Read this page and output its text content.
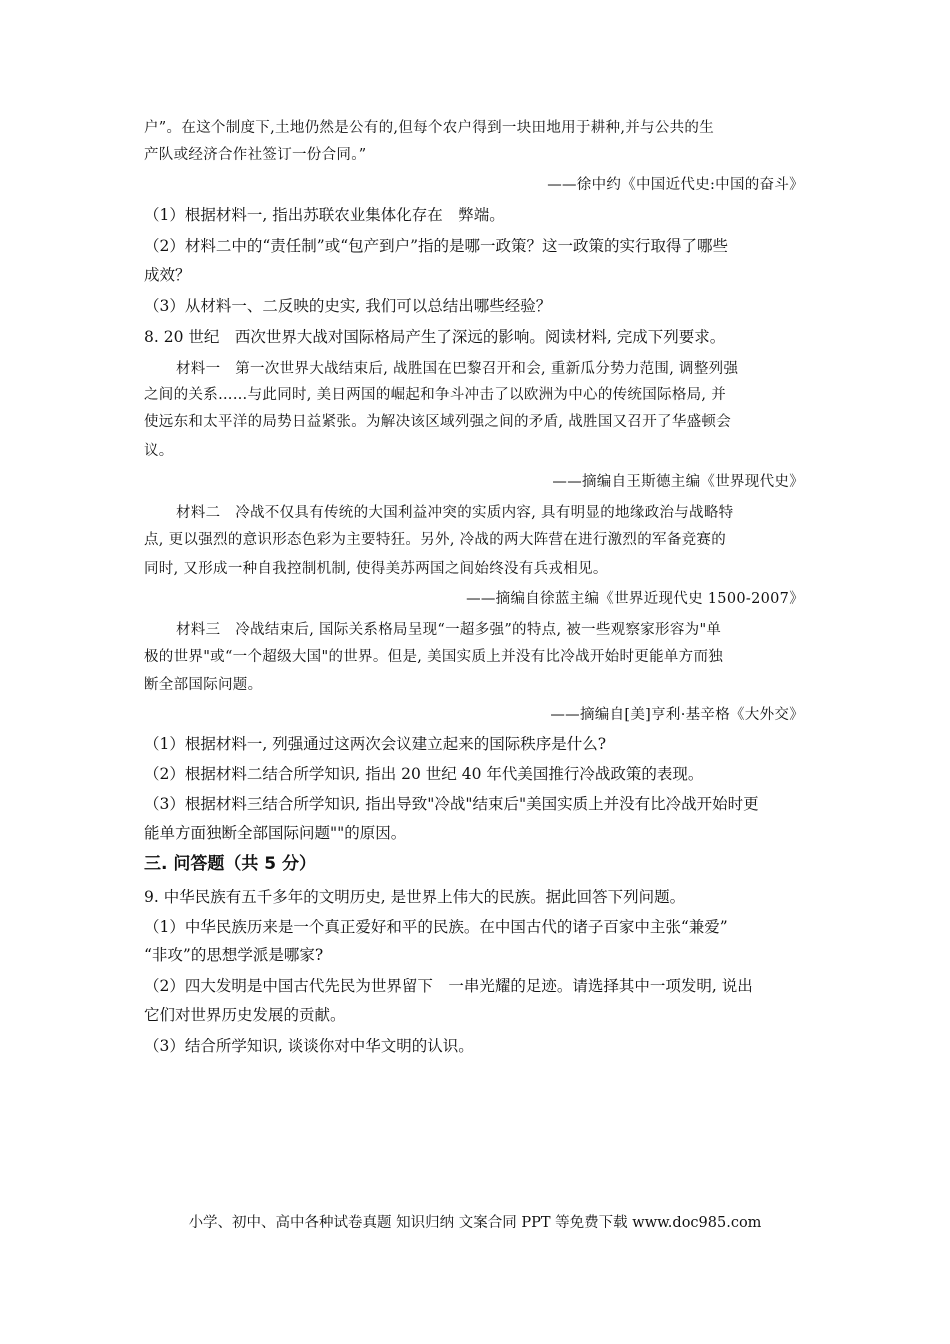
户”。在这个制度下,土地仍然是公有的,但每个农户得到一块田地用于耕种,并与公共的生
产队或经济合作社签订一份合同。”
——徐中约《中国近代史:中国的奋斗》
（1）根据材料一, 指出苏联农业集体化存在　弊端。
（2）材料二中的“责任制”或“包产到户”指的是哪一政策？这一政策的实行取得了哪些
成效？
（3）从材料一、二反映的史实, 我们可以总结出哪些经验？
8. 20 世纪　西次世界大战对国际格局产生了深远的影响。阅读材料, 完成下列要求。
材料一　第一次世界大战结束后, 战胜国在巴黎召开和会, 重新瓜分势力范围, 调整列强
之间的关系……与此同时, 美日两国的崛起和争斗冲击了以欧洲为中心的传统国际格局, 并
使远东和太平洋的局势日益紧张。为解决该区域列强之间的矛盾, 战胜国又召开了华盛顿会
议。
——摘编自王斯德主编《世界现代史》
材料二　冷战不仅具有传统的大国利益冲突的实质内容, 具有明显的地缘政治与战略特
点, 更以强烈的意识形态色彩为主要特狂。另外, 冷战的两大阵营在进行激烈的军备竞赛的
同时, 又形成一种自我控制机制, 使得美苏两国之间始终没有兵戎相见。
——摘编自徐蓝主编《世界近现代史 1500-2007》
材料三　冷战结束后, 国际关系格局呈现“一超多强”的特点, 被一些观察家形容为"单
极的世界"或“一个超级大国"的世界。但是, 美国实质上并没有比冷战开始时更能单方而独
断全部国际问题。
——摘编自[美]亨利·基辛格《大外交》
（1）根据材料一, 列强通过这两次会议建立起来的国际秩序是什么?
（2）根据材料二结合所学知识, 指出 20 世纪 40 年代美国推行冷战政策的表现。
（3）根据材料三结合所学知识, 指出导致"冷战"结束后"美国实质上并没有比冷战开始时更
能单方面独断全部国际问题""的原因。
三. 问答题（共 5 分）
9. 中华民族有五千多年的文明历史, 是世界上伟大的民族。据此回答下列问题。
（1）中华民族历来是一个真正爱好和平的民族。在中国古代的诸子百家中主张“兼爱”
“非攻”的思想学派是哪家?
（2）四大发明是中国古代先民为世界留下　一串光耀的足迹。请选择其中一项发明, 说出
它们对世界历史发展的贡献。
（3）结合所学知识, 谈谈你对中华文明的认识。
小学、初中、高中各种试卷真题 知识归纳 文案合同 PPT 等免费下载 www.doc985.com
